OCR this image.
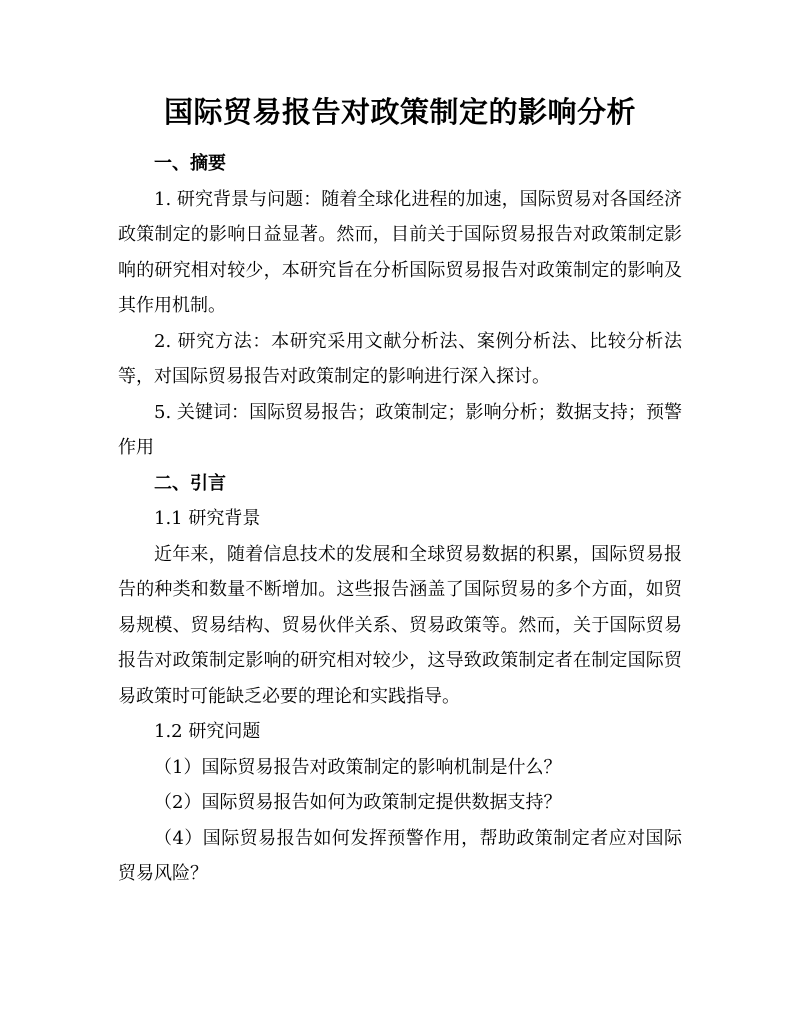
国际贸易报告对政策制定的影响分析
一、摘要

1. 研究背景与问题：随着全球化进程的加速，国际贸易对各国经济政策制定的影响日益显著。然而，目前关于国际贸易报告对政策制定影响的研究相对较少，本研究旨在分析国际贸易报告对政策制定的影响及其作用机制。

2. 研究方法：本研究采用文献分析法、案例分析法、比较分析法等，对国际贸易报告对政策制定的影响进行深入探讨。

5. 关键词：国际贸易报告；政策制定；影响分析；数据支持；预警作用

二、引言

1.1 研究背景

近年来，随着信息技术的发展和全球贸易数据的积累，国际贸易报告的种类和数量不断增加。这些报告涵盖了国际贸易的多个方面，如贸易规模、贸易结构、贸易伙伴关系、贸易政策等。然而，关于国际贸易报告对政策制定影响的研究相对较少，这导致政策制定者在制定国际贸易政策时可能缺乏必要的理论和实践指导。

1.2 研究问题

（1）国际贸易报告对政策制定的影响机制是什么？

（2）国际贸易报告如何为政策制定提供数据支持？

（4）国际贸易报告如何发挥预警作用，帮助政策制定者应对国际贸易风险？
